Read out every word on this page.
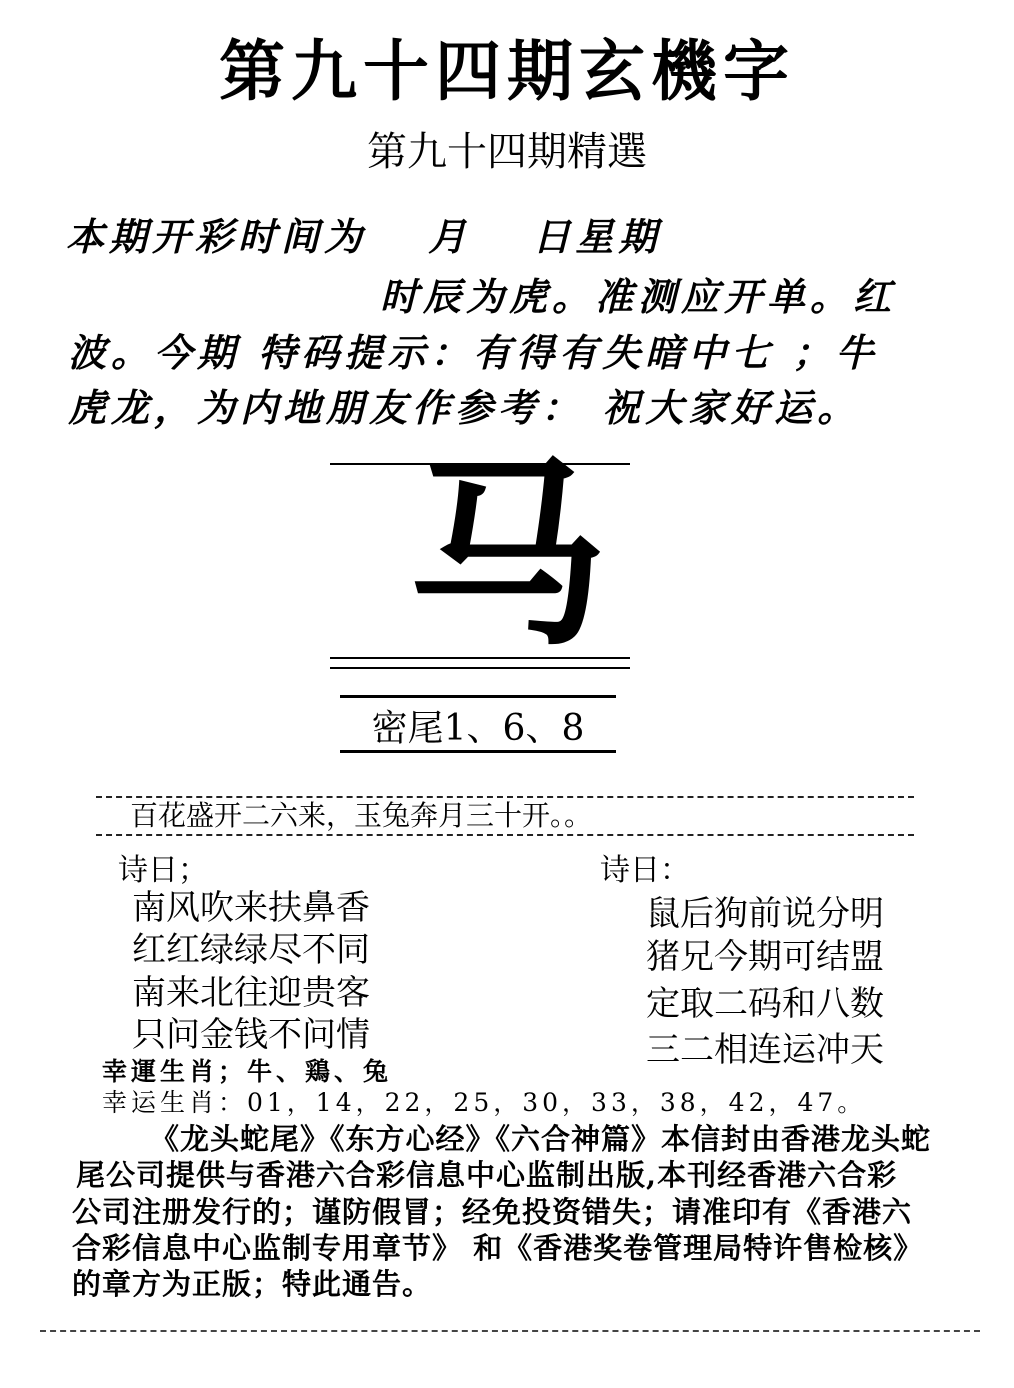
第九十四期玄機字
第九十四期精選
本期开彩时间为　 月　 日星期
时辰为虎。准测应开单。红
波。今期 特码提示：有得有失暗中七 ；牛
虎龙，为内地朋友作参考： 祝大家好运。
马
密尾1、6、8
百花盛开二六来，玉兔奔月三十开。。
诗日；	诗日：
南风吹来扶鼻香
红红绿绿尽不同
南来北往迎贵客
只问金钱不问情
鼠后狗前说分明
猪兄今期可结盟
定取二码和八数
三二相连运冲天
幸運生肖；牛、鶏、兔
幸运生肖：01，14，22，25，30，33，38，42，47。
《龙头蛇尾》《东方心经》《六合神篇》本信封由香港龙头蛇
尾公司提供与香港六合彩信息中心监制出版,本刊经香港六合彩
公司注册发行的；谨防假冒；经免投资错失；请准印有《香港六
合彩信息中心监制专用章节》 和《香港奖卷管理局特许售检核》
的章方为正版；特此通告。
